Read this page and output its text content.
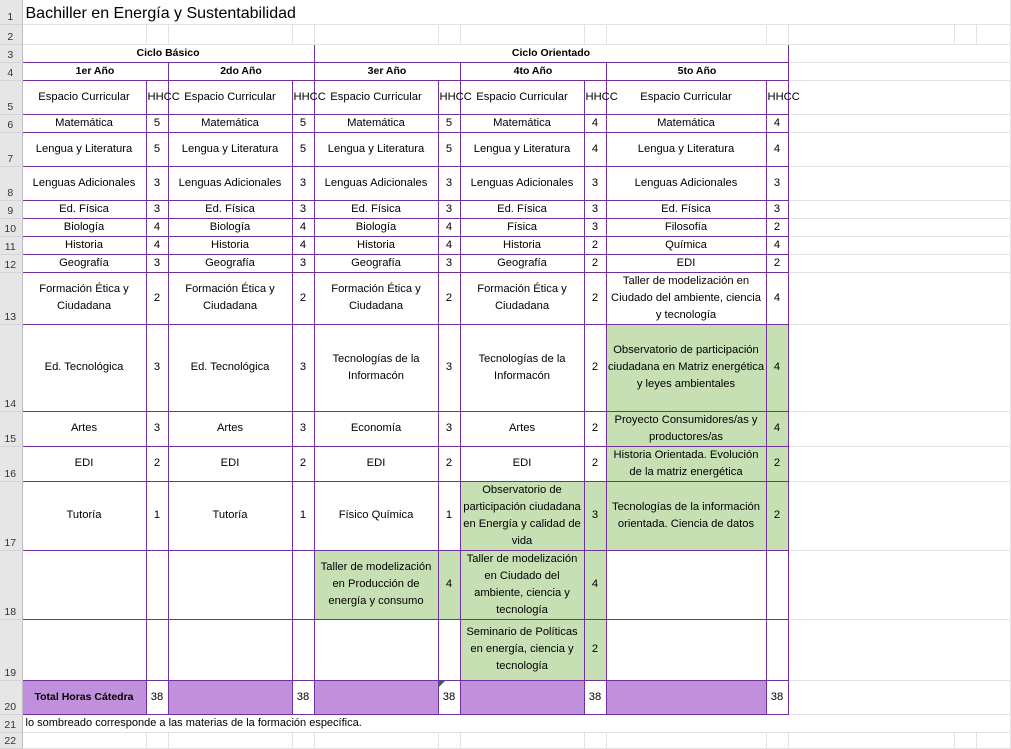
1	Bachiller en Energía y Sustentabilidad												
2													
3	Ciclo Básico				Ciclo Orientado								
4	1er Año		2do Año		3er Año		4to Año		5to Año				
5	Espacio Curricular	HHCC	Espacio Curricular	HHCC	Espacio Curricular	HHCC	Espacio Curricular	HHCC	Espacio Curricular	HHCC			
6	Matemática	5	Matemática	5	Matemática	5	Matemática	4	Matemática	4			
7	Lengua y Literatura	5	Lengua y Literatura	5	Lengua y Literatura	5	Lengua y Literatura	4	Lengua y Literatura	4			
8	Lenguas Adicionales	3	Lenguas Adicionales	3	Lenguas Adicionales	3	Lenguas Adicionales	3	Lenguas Adicionales	3			
9	Ed. Física	3	Ed. Física	3	Ed. Física	3	Ed. Física	3	Ed. Física	3			
10	Biología	4	Biología	4	Biología	4	Física	3	Filosofía	2			
11	Historia	4	Historia	4	Historia	4	Historia	2	Química	4			
12	Geografía	3	Geografía	3	Geografía	3	Geografía	2	EDI	2			
13	Formación Ética y Ciudadana	2	Formación Ética y Ciudadana	2	Formación Ética y Ciudadana	2	Formación Ética y Ciudadana	2	Taller de modelización en Ciudado del ambiente, ciencia y tecnología	4			
14	Ed. Tecnológica	3	Ed. Tecnológica	3	Tecnologías de la Informacón	3	Tecnologías de la Informacón	2	Observatorio de participación ciudadana en Matriz energética y leyes ambientales	4			
15	Artes	3	Artes	3	Economía	3	Artes	2	Proyecto Consumidores/as y productores/as	4			
16	EDI	2	EDI	2	EDI	2	EDI	2	Historia Orientada. Evolución de la matriz energética	2			
17	Tutoría	1	Tutoría	1	Físico Química	1	Observatorio de participación ciudadana en Energía y calidad de vida	3	Tecnologías de la información orientada. Ciencia de datos	2			
18					Taller de modelización en Producción de energía y consumo	4	Taller de modelización en Ciudado del ambiente, ciencia y tecnología	4					
19							Seminario de Políticas en energía, ciencia y tecnología	2					
20	Total Horas Cátedra	38		38		38		38		38			
21	lo sombreado corresponde a las materias de la formación específica.												
22													
